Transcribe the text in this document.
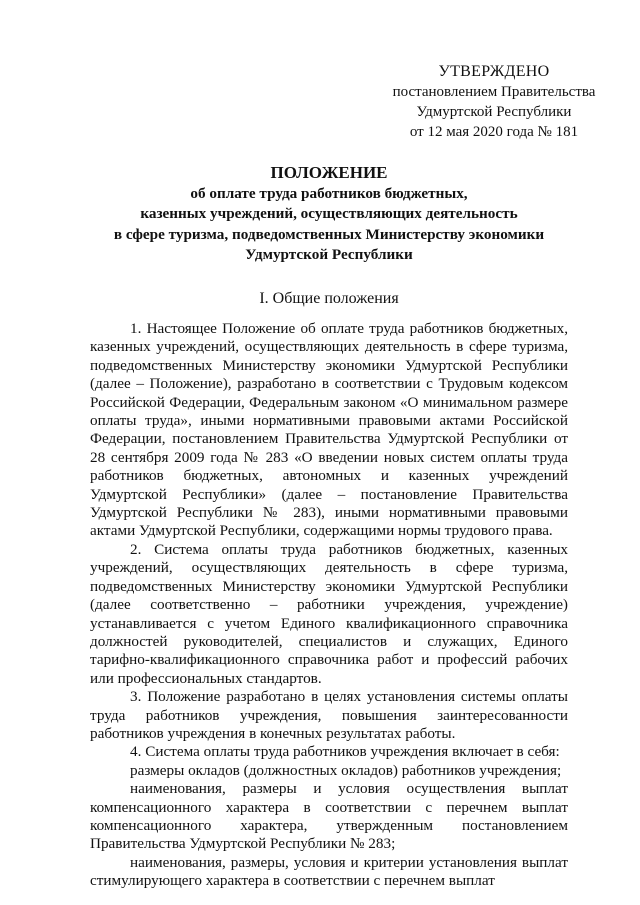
УТВЕРЖДЕНО
постановлением Правительства
Удмуртской Республики
от 12 мая 2020 года № 181
ПОЛОЖЕНИЕ
об оплате труда работников бюджетных,
казенных учреждений, осуществляющих деятельность
в сфере туризма, подведомственных Министерству экономики
Удмуртской Республики
I. Общие положения

1. Настоящее Положение об оплате труда работников бюджетных, казенных учреждений, осуществляющих деятельность в сфере туризма, подведомственных Министерству экономики Удмуртской Республики (далее – Положение), разработано в соответствии с Трудовым кодексом Российской Федерации, Федеральным законом «О минимальном размере оплаты труда», иными нормативными правовыми актами Российской Федерации, постановлением Правительства Удмуртской Республики от 28 сентября 2009 года № 283 «О введении новых систем оплаты труда работников бюджетных, автономных и казенных учреждений Удмуртской Республики» (далее – постановление Правительства Удмуртской Республики № 283), иными нормативными правовыми актами Удмуртской Республики, содержащими нормы трудового права.

2. Система оплаты труда работников бюджетных, казенных учреждений, осуществляющих деятельность в сфере туризма, подведомственных Министерству экономики Удмуртской Республики (далее соответственно – работники учреждения, учреждение) устанавливается с учетом Единого квалификационного справочника должностей руководителей, специалистов и служащих, Единого тарифно-квалификационного справочника работ и профессий рабочих или профессиональных стандартов.

3. Положение разработано в целях установления системы оплаты труда работников учреждения, повышения заинтересованности работников учреждения в конечных результатах работы.

4. Система оплаты труда работников учреждения включает в себя:

размеры окладов (должностных окладов) работников учреждения;

наименования, размеры и условия осуществления выплат компенсационного характера в соответствии с перечнем выплат компенсационного характера, утвержденным постановлением Правительства Удмуртской Республики № 283;

наименования, размеры, условия и критерии установления выплат стимулирующего характера в соответствии с перечнем выплат
